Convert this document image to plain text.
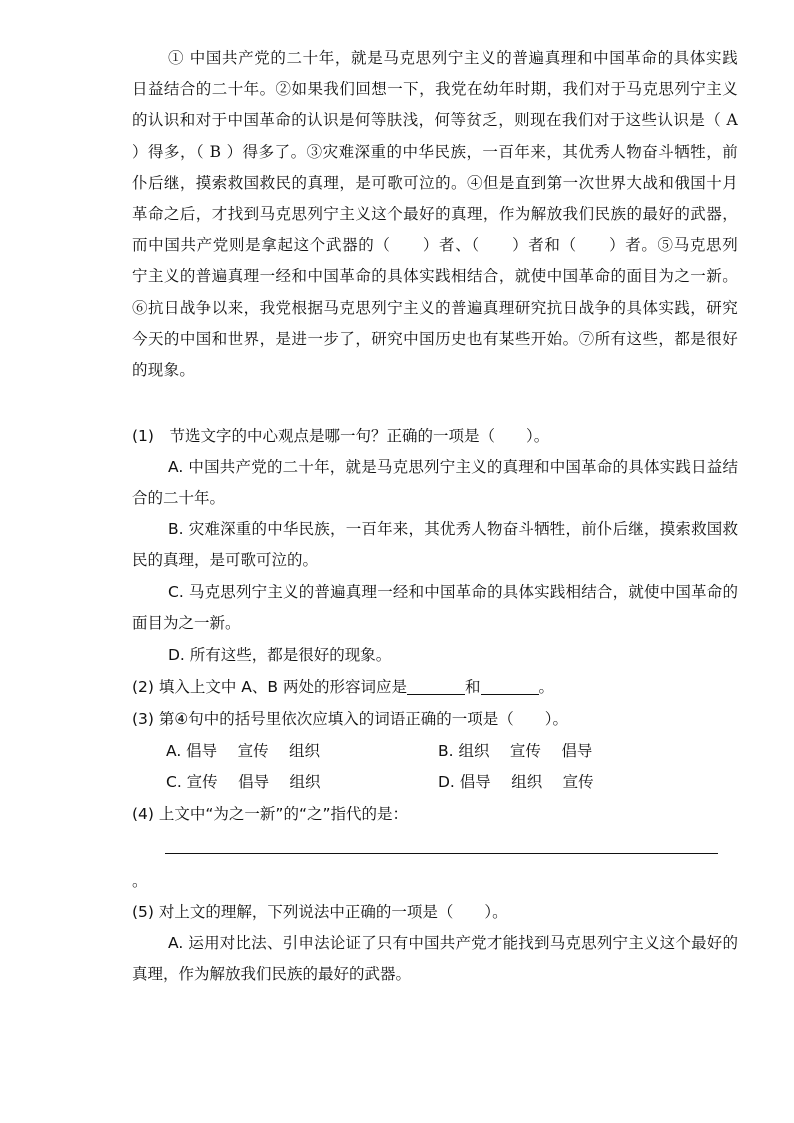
① 中国共产党的二十年，就是马克思列宁主义的普遍真理和中国革命的具体实践日益结合的二十年。②如果我们回想一下，我党在幼年时期，我们对于马克思列宁主义的认识和对于中国革命的认识是何等肤浅，何等贫乏，则现在我们对于这些认识是（ A ）得多，（ B ）得多了。③灾难深重的中华民族，一百年来，其优秀人物奋斗牺牲，前仆后继，摸索救国救民的真理，是可歌可泣的。④但是直到第一次世界大战和俄国十月革命之后，才找到马克思列宁主义这个最好的真理，作为解放我们民族的最好的武器，而中国共产党则是拿起这个武器的（　　）者、（　　）者和（　　）者。⑤马克思列宁主义的普遍真理一经和中国革命的具体实践相结合，就使中国革命的面目为之一新。⑥抗日战争以来，我党根据马克思列宁主义的普遍真理研究抗日战争的具体实践，研究今天的中国和世界，是进一步了，研究中国历史也有某些开始。⑦所有这些，都是很好的现象。

(1)　节选文字的中心观点是哪一句？正确的一项是（　　）。
A. 中国共产党的二十年，就是马克思列宁主义的真理和中国革命的具体实践日益结合的二十年。
B. 灾难深重的中华民族，一百年来，其优秀人物奋斗牺牲，前仆后继，摸索救国救民的真理，是可歌可泣的。
C. 马克思列宁主义的普遍真理一经和中国革命的具体实践相结合，就使中国革命的面目为之一新。
D. 所有这些，都是很好的现象。
(2) 填入上文中 A、B 两处的形容词应是	和	。
(3) 第④句中的括号里依次应填入的词语正确的一项是（　　）。
A. 倡导　 宣传　 组织	B. 组织　 宣传　 倡导
C. 宣传　 倡导　 组织	D. 倡导　 组织　 宣传
(4) 上文中“为之一新”的“之”指代的是：
。
(5) 对上文的理解，下列说法中正确的一项是（　　）。
A. 运用对比法、引申法论证了只有中国共产党才能找到马克思列宁主义这个最好的真理，作为解放我们民族的最好的武器。
